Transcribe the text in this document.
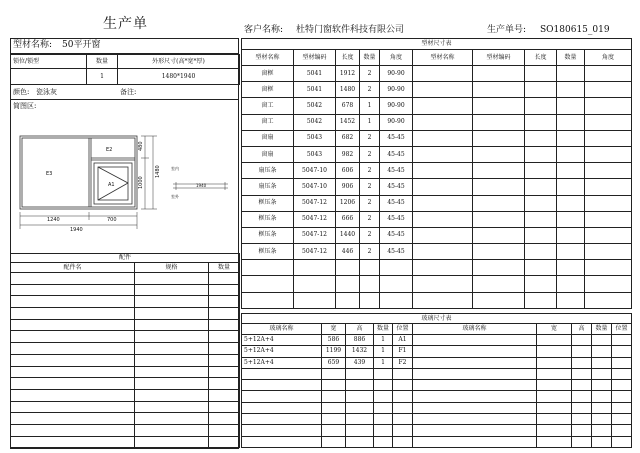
生产单	客户名称: 杜特门窗软件科技有限公司	生产单号: SO180615_019
型材名称: 50平开窗
锁位/锁型	数量	外形尺寸(高*宽*厚)
	1	1480*1940
颜色: 瓷泳灰	备注:
简图区:
E3
E2
A1
1240	700
1940
480
1000
1480	室内
1940
室外
配件		
配件名	规格	数量

型材尺寸表									
型材名称	型材编码	长度	数量	角度	型材名称	型材编码	长度	数量	角度
窗框	5041	1912	2	90-90					
窗框	5041	1480	2	90-90					
窗工	5042	678	1	90-90					
窗工	5042	1452	1	90-90					
窗扇	5043	682	2	45-45					
窗扇	5043	982	2	45-45					
扇压条	5047-10	606	2	45-45					
扇压条	5047-10	906	2	45-45					
框压条	5047-12	1206	2	45-45					
框压条	5047-12	666	2	45-45					
框压条	5047-12	1440	2	45-45					
框压条	5047-12	446	2	45-45					

玻璃尺寸表									
玻璃名称	宽	高	数量	位置	玻璃名称	宽	高	数量	位置
5+12A+4	586	886	1	A1					
5+12A+4	1199	1432	1	F1					
5+12A+4	659	439	1	F2					
